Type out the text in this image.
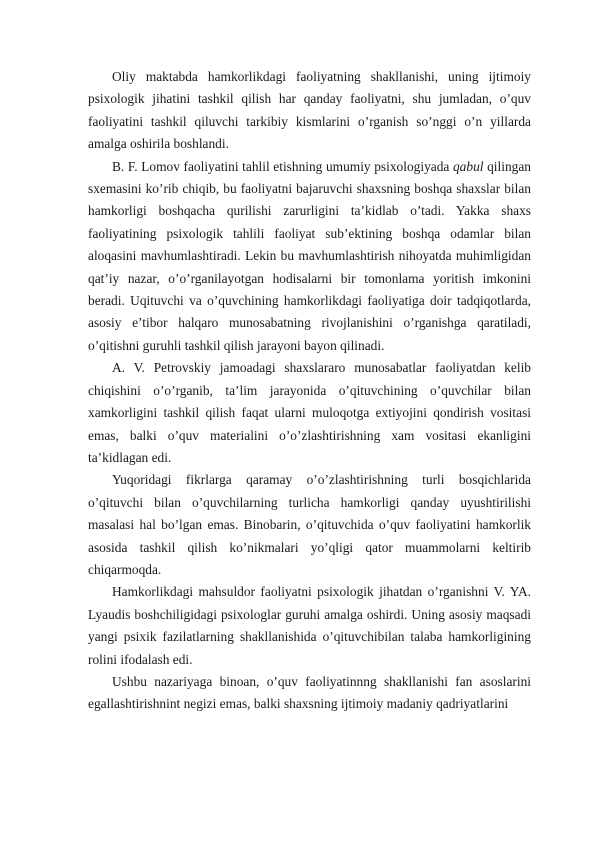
Oliy maktabda hamkorlikdagi faoliyatning shakllanishi, uning ijtimoiy psixologik jihatini tashkil qilish har qanday faoliyatni, shu jumladan, o’quv faoliyatini tashkil qiluvchi tarkibiy kismlarini o’rganish so’nggi o’n yillarda amalga oshirila boshlandi.

B. F. Lomov faoliyatini tahlil etishning umumiy psixologiyada qabul qilingan sxemasini ko’rib chiqib, bu faoliyatni bajaruvchi shaxsning boshqa shaxslar bilan hamkorligi boshqacha qurilishi zarurligini ta’kidlab o’tadi. Yakka shaxs faoliyatining psixologik tahlili faoliyat sub’ektining boshqa odamlar bilan aloqasini mavhumlashtiradi. Lekin bu mavhumlashtirish nihoyatda muhimligidan qat’iy nazar, o’o’rganilayotgan hodisalarni bir tomonlama yoritish imkonini beradi. Uqituvchi va o’quvchining hamkorlikdagi faoliyatiga doir tadqiqotlarda, asosiy e’tibor halqaro munosabatning rivojlanishini o’rganishga qaratiladi, o’qitishni guruhli tashkil qilish jarayoni bayon qilinadi.

A. V. Petrovskiy jamoadagi shaxslararo munosabatlar faoliyatdan kelib chiqishini o’o’rganib, ta’lim jarayonida o’qituvchining o’quvchilar bilan xamkorligini tashkil qilish faqat ularni muloqotga extiyojini qondirish vositasi emas, balki o’quv materialini o’o’zlashtirishning xam vositasi ekanligini ta’kidlagan edi.

Yuqoridagi fikrlarga qaramay o’o’zlashtirishning turli bosqichlarida o’qituvchi bilan o’quvchilarning turlicha hamkorligi qanday uyushtirilishi masalasi hal bo’lgan emas. Binobarin, o’qituvchida o’quv faoliyatini hamkorlik asosida tashkil qilish ko’nikmalari yo’qligi qator muammolarni keltirib chiqarmoqda.

Hamkorlikdagi mahsuldor faoliyatni psixologik jihatdan o’rganishni V. YA. Lyaudis boshchiligidagi psixologlar guruhi amalga oshirdi. Uning asosiy maqsadi yangi psixik fazilatlarning shakllanishida o’qituvchibilan talaba hamkorligining rolini ifodalash edi.

Ushbu nazariyaga binoan, o’quv faoliyatinnng shakllanishi fan asoslarini egallashtirishnint negizi emas, balki shaxsning ijtimoiy madaniy qadriyatlarini
